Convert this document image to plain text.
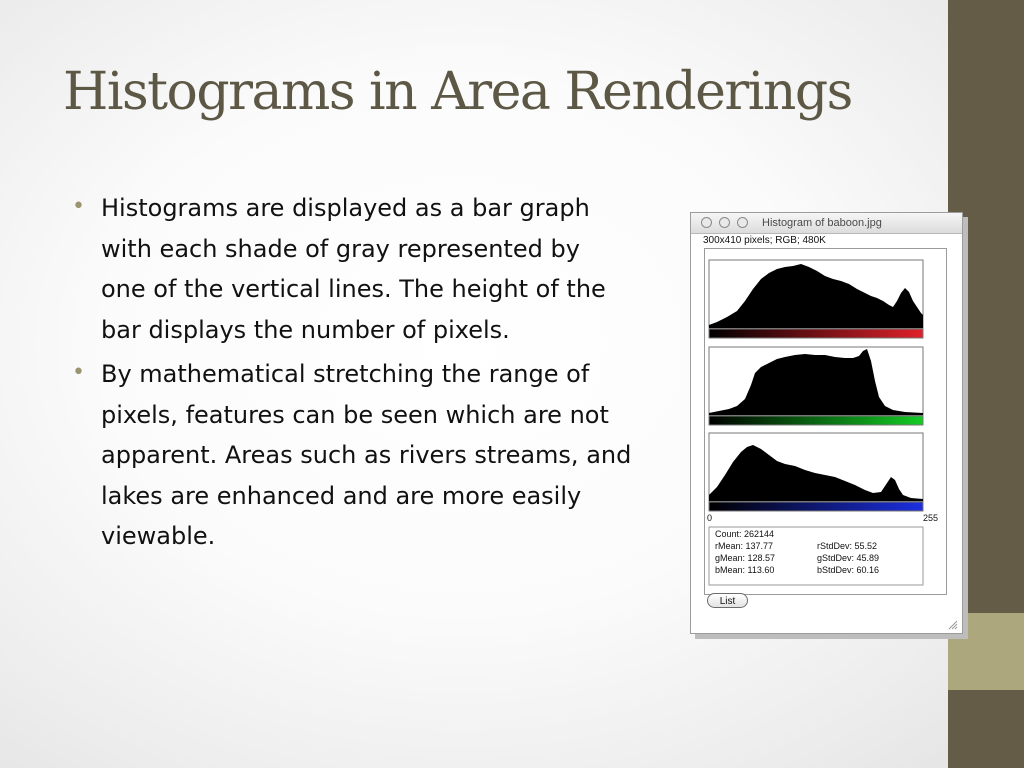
Histograms in Area Renderings
• Histograms are displayed as a bar graph with each shade of gray represented by one of the vertical lines. The height of the bar displays the number of pixels.
• By mathematical stretching the range of pixels, features can be seen which are not apparent. Areas such as rivers streams, and lakes are enhanced and are more easily viewable.
Histogram of baboon.jpg
300x410 pixels; RGB; 480K
0	255
Count: 262144
rMean: 137.77
gMean: 128.57
bMean: 113.60
rStdDev: 55.52
gStdDev: 45.89
bStdDev: 60.16
List
